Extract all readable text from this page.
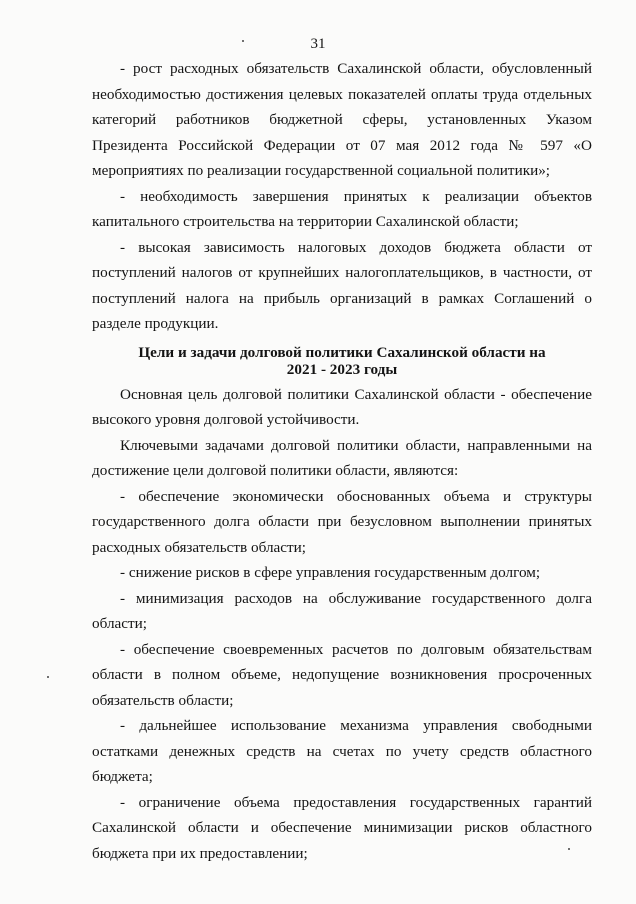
31

- рост расходных обязательств Сахалинской области, обусловленный необходимостью достижения целевых показателей оплаты труда отдельных категорий работников бюджетной сферы, установленных Указом Президента Российской Федерации от 07 мая 2012 года № 597 «О мероприятиях по реализации государственной социальной политики»;

- необходимость завершения принятых к реализации объектов капитального строительства на территории Сахалинской области;

- высокая зависимость налоговых доходов бюджета области от поступлений налогов от крупнейших налогоплательщиков, в частности, от поступлений налога на прибыль организаций в рамках Соглашений о разделе продукции.

Цели и задачи долговой политики Сахалинской области на
2021 - 2023 годы

Основная цель долговой политики Сахалинской области - обеспечение высокого уровня долговой устойчивости.

Ключевыми задачами долговой политики области, направленными на достижение цели долговой политики области, являются:

- обеспечение экономически обоснованных объема и структуры государственного долга области при безусловном выполнении принятых расходных обязательств области;

- снижение рисков в сфере управления государственным долгом;

- минимизация расходов на обслуживание государственного долга области;

- обеспечение своевременных расчетов по долговым обязательствам области в полном объеме, недопущение возникновения просроченных обязательств области;

- дальнейшее использование механизма управления свободными остатками денежных средств на счетах по учету средств областного бюджета;

- ограничение объема предоставления государственных гарантий Сахалинской области и обеспечение минимизации рисков областного бюджета при их предоставлении;
